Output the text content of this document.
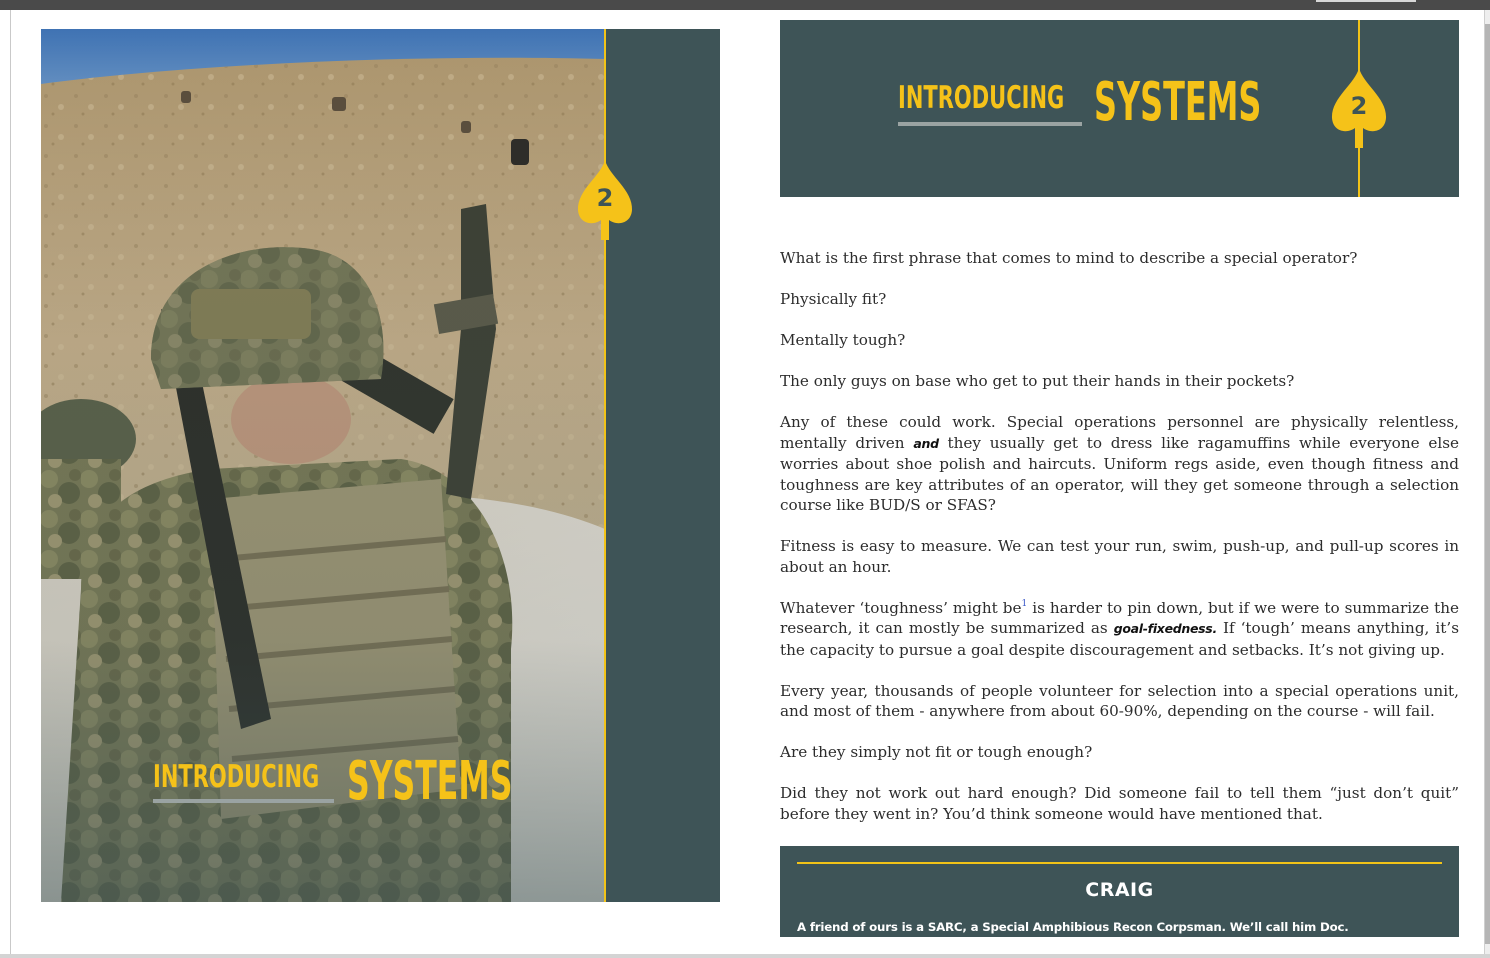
2
INTRODUCING SYSTEMS
INTRODUCING SYSTEMS	2

What is the first phrase that comes to mind to describe a special operator?

Physically fit?

Mentally tough?

The only guys on base who get to put their hands in their pockets?

Any of these could work. Special operations personnel are physically relentless, mentally driven and they usually get to dress like ragamuffins while everyone else worries about shoe polish and haircuts. Uniform regs aside, even though fitness and toughness are key attributes of an operator, will they get someone through a selection course like BUD/S or SFAS?

Fitness is easy to measure. We can test your run, swim, push-up, and pull-up scores in about an hour.

Whatever ‘toughness’ might be$^1$ is harder to pin down, but if we were to summarize the research, it can mostly be summarized as goal-fixedness. If ‘tough’ means anything, it’s the capacity to pursue a goal despite discouragement and setbacks. It’s not giving up.

Every year, thousands of people volunteer for selection into a special operations unit, and most of them - anywhere from about 60-90%, depending on the course - will fail.

Are they simply not fit or tough enough?

Did they not work out hard enough? Did someone fail to tell them “just don’t quit” before they went in? You’d think someone would have mentioned that.

CRAIG
A friend of ours is a SARC, a Special Amphibious Recon Corpsman. We’ll call him Doc.
